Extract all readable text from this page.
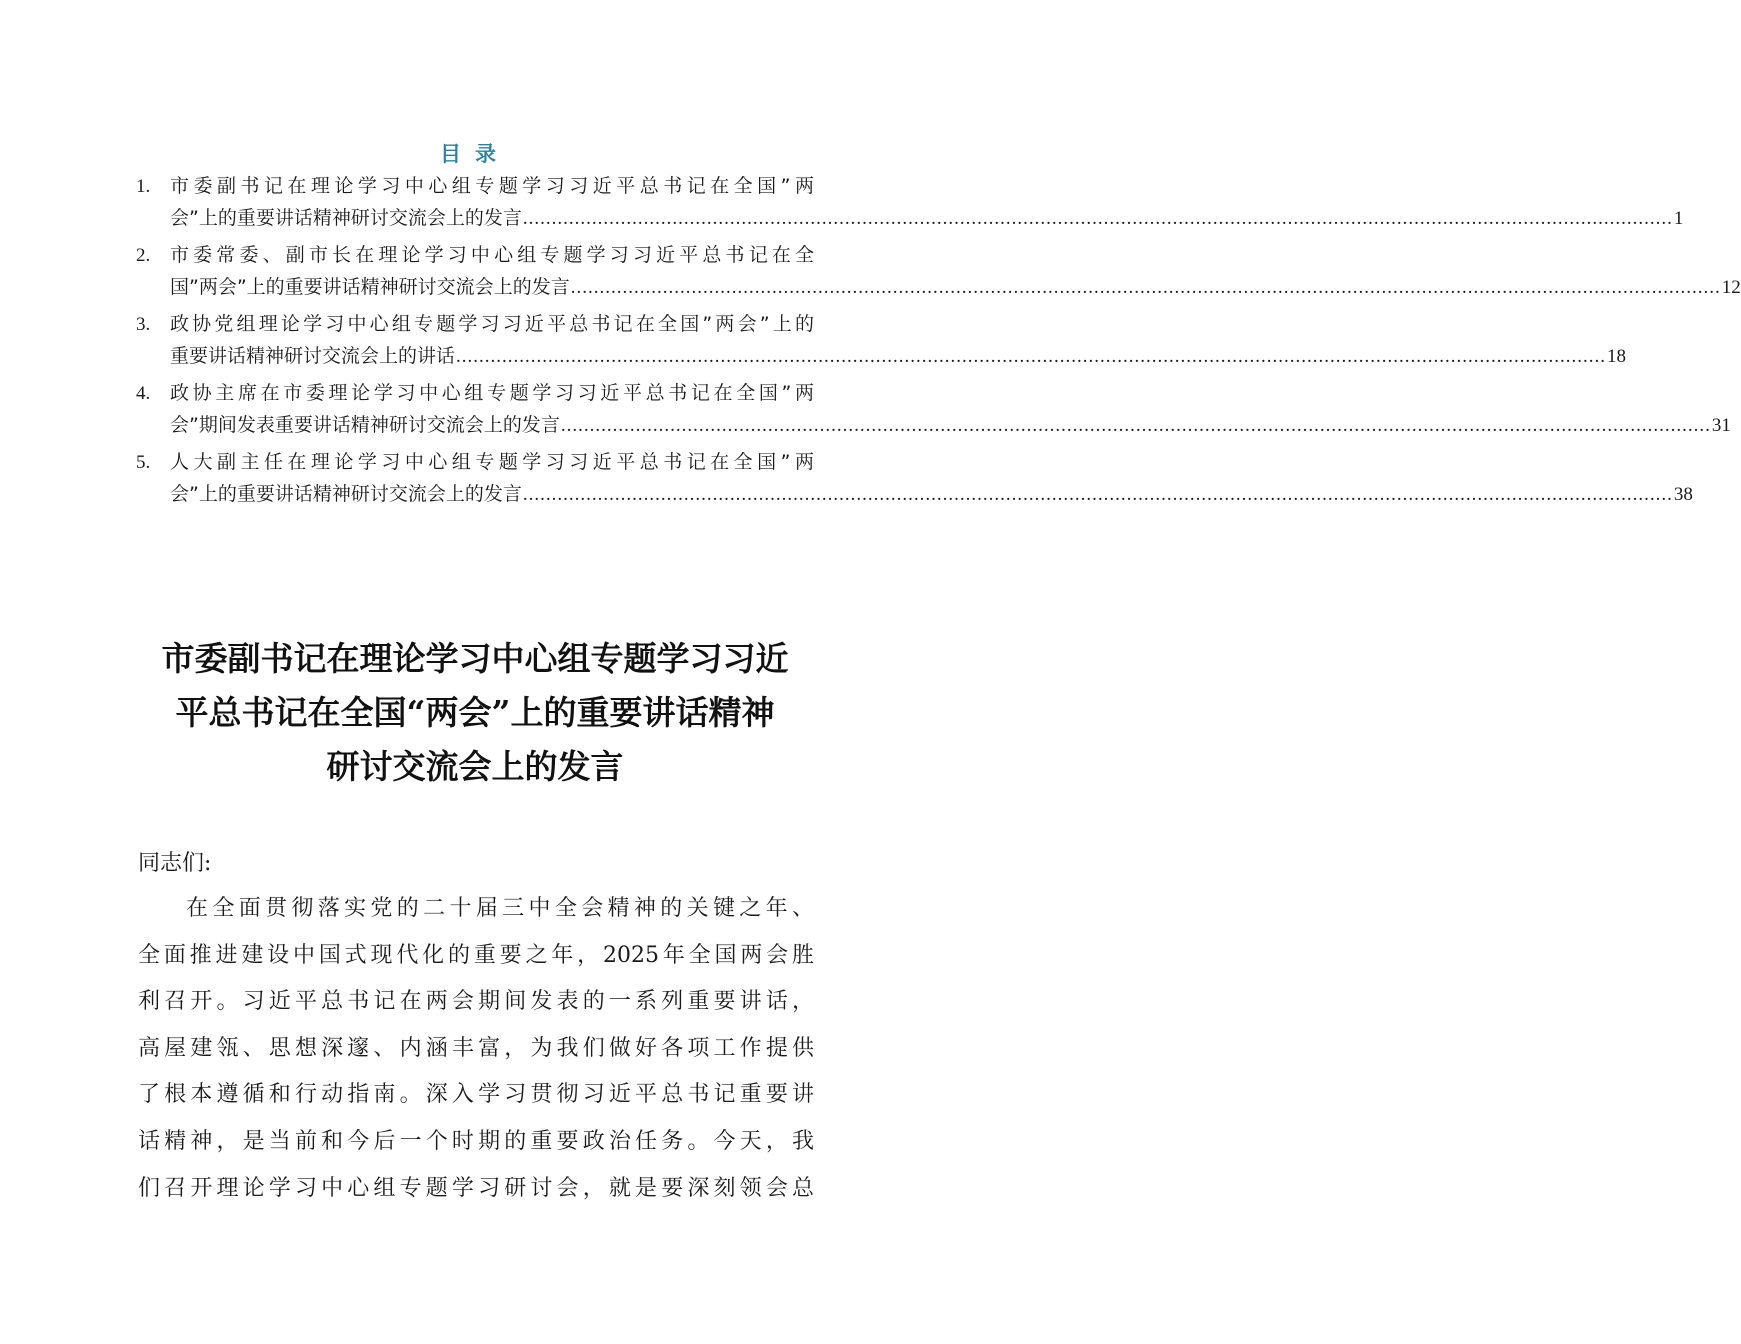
目录
1.	市委副书记在理论学习中心组专题学习习近平总书记在全国”两
会”上的重要讲话精神研讨交流会上的发言 ........................................................................................................................................................................................................ 1
2.	市委常委、副市长在理论学习中心组专题学习习近平总书记在全
国”两会”上的重要讲话精神研讨交流会上的发言 ........................................................................................................................................................................................................ 12
3.	政协党组理论学习中心组专题学习习近平总书记在全国”两会”上的
重要讲话精神研讨交流会上的讲话 ........................................................................................................................................................................................................ 18
4.	政协主席在市委理论学习中心组专题学习习近平总书记在全国”两
会”期间发表重要讲话精神研讨交流会上的发言 ........................................................................................................................................................................................................ 31
5.	人大副主任在理论学习中心组专题学习习近平总书记在全国”两
会”上的重要讲话精神研讨交流会上的发言 ........................................................................................................................................................................................................ 38
市委副书记在理论学习中心组专题学习习近
平总书记在全国“两会”上的重要讲话精神
研讨交流会上的发言
同志们:
在全面贯彻落实党的二十届三中全会精神的关键之年、
全面推进建设中国式现代化的重要之年，2025年全国两会胜
利召开。习近平总书记在两会期间发表的一系列重要讲话，
高屋建瓴、思想深邃、内涵丰富，为我们做好各项工作提供
了根本遵循和行动指南。深入学习贯彻习近平总书记重要讲
话精神，是当前和今后一个时期的重要政治任务。今天，我
们召开理论学习中心组专题学习研讨会，就是要深刻领会总
